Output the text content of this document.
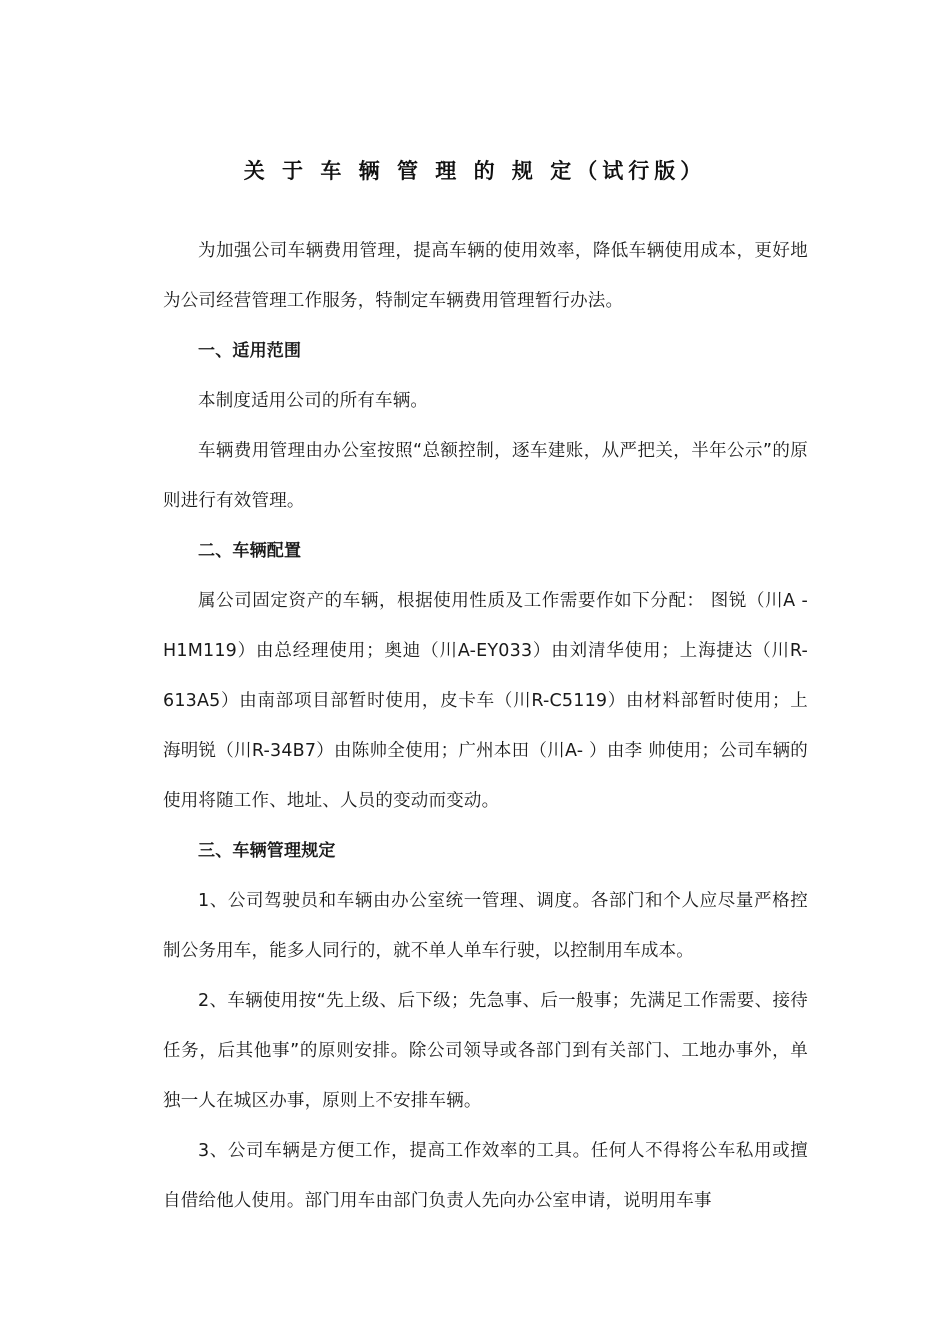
关 于 车 辆 管 理 的 规 定（试行版）

为加强公司车辆费用管理，提高车辆的使用效率，降低车辆使用成本，更好地为公司经营管理工作服务，特制定车辆费用管理暂行办法。

一、适用范围

本制度适用公司的所有车辆。

车辆费用管理由办公室按照“总额控制，逐车建账，从严把关，半年公示”的原则进行有效管理。

二、车辆配置

属公司固定资产的车辆，根据使用性质及工作需要作如下分配： 图锐（川A - H1M119）由总经理使用；奥迪（川A-EY033）由刘清华使用；上海捷达（川R-613A5）由南部项目部暂时使用，皮卡车（川R-C5119）由材料部暂时使用；上海明锐（川R-34B7）由陈帅全使用；广州本田（川A- ）由李 帅使用；公司车辆的使用将随工作、地址、人员的变动而变动。

三、车辆管理规定

1、公司驾驶员和车辆由办公室统一管理、调度。各部门和个人应尽量严格控制公务用车，能多人同行的，就不单人单车行驶，以控制用车成本。

2、车辆使用按“先上级、后下级；先急事、后一般事；先满足工作需要、接待任务，后其他事”的原则安排。除公司领导或各部门到有关部门、工地办事外，单独一人在城区办事，原则上不安排车辆。

3、公司车辆是方便工作，提高工作效率的工具。任何人不得将公车私用或擅自借给他人使用。部门用车由部门负责人先向办公室申请，说明用车事
